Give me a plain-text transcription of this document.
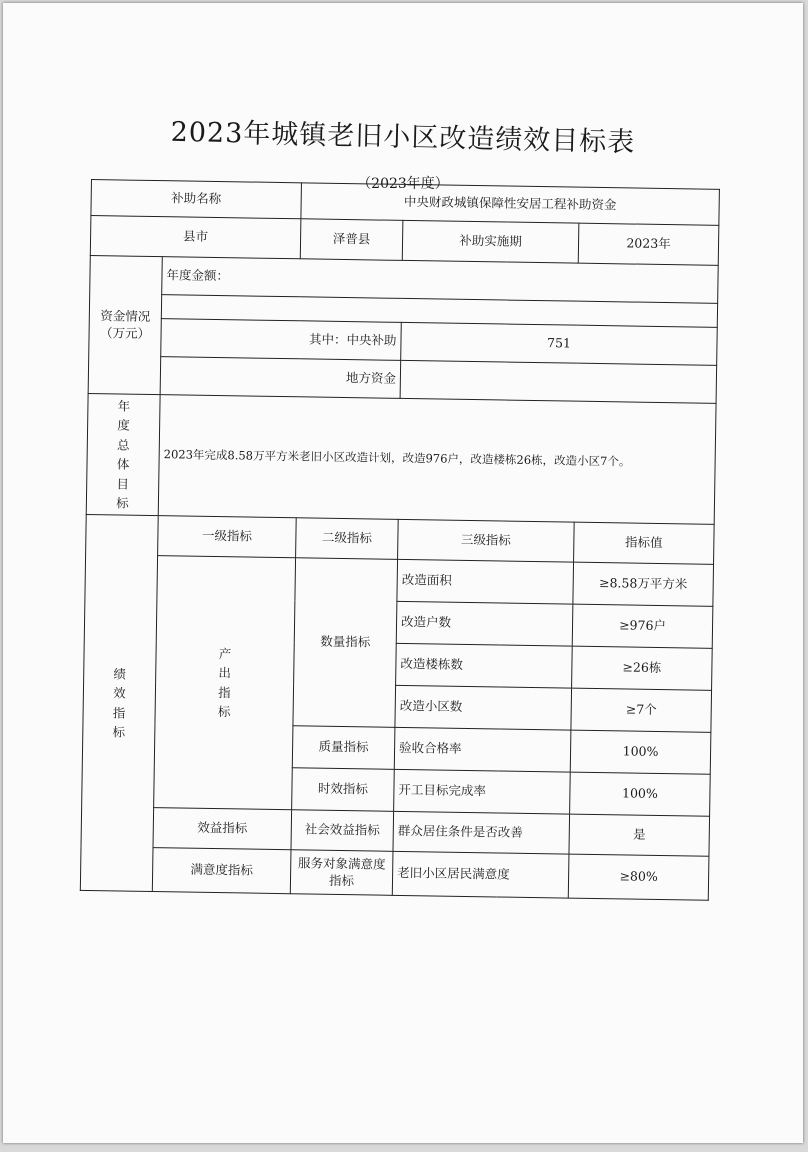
2023年城镇老旧小区改造绩效目标表
（2023年度）
补助名称		中央财政城镇保障性安居工程补助资金		
县市		泽普县	补助实施期	2023年
资金情况（万元）	年度金额：			

	其中：中央补助		751	
	地方资金			
年度总体目标	2023年完成8.58万平方米老旧小区改造计划，改造976户，改造楼栋26栋，改造小区7个。			
绩效指标	一级指标	二级指标	三级指标	指标值
	产出指标	数量指标	改造面积	≥8.58万平方米
			改造户数	≥976户
			改造楼栋数	≥26栋
			改造小区数	≥7个
		质量指标	验收合格率	100%
		时效指标	开工目标完成率	100%
	效益指标	社会效益指标	群众居住条件是否改善	是
	满意度指标	服务对象满意度指标	老旧小区居民满意度	≥80%
